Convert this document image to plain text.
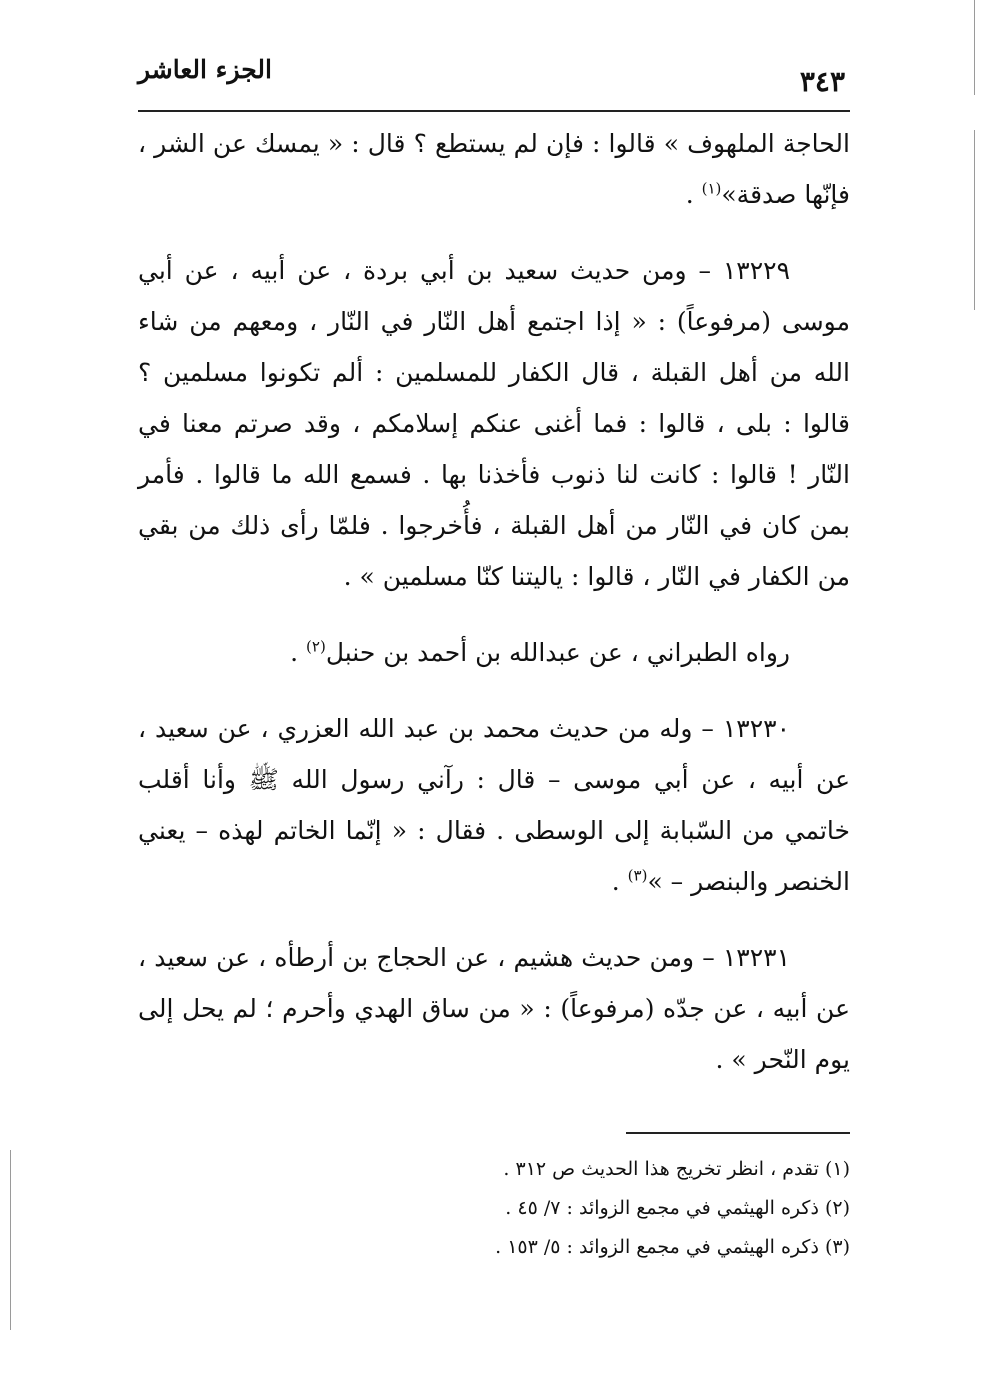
الجزء العاشر	٣٤٣

الحاجة الملهوف » قالوا : فإن لم يستطع ؟ قال : « يمسك عن الشر ، فإنّها صدقة»$^{(١)}$ .

١٣٢٢٩ – ومن حديث سعيد بن أبي بردة ، عن أبيه ، عن أبي موسى (مرفوعاً) : « إذا اجتمع أهل النّار في النّار ، ومعهم من شاء الله من أهل القبلة ، قال الكفار للمسلمين : ألم تكونوا مسلمين ؟ قالوا : بلى ، قالوا : فما أغنى عنكم إسلامكم ، وقد صرتم معنا في النّار ! قالوا : كانت لنا ذنوب فأخذنا بها . فسمع الله ما قالوا . فأمر بمن كان في النّار من أهل القبلة ، فأُخرجوا . فلمّا رأى ذلك من بقي من الكفار في النّار ، قالوا : ياليتنا كنّا مسلمين » .

رواه الطبراني ، عن عبدالله بن أحمد بن حنبل$^{(٢)}$ .

١٣٢٣٠ – وله من حديث محمد بن عبد الله العزري ، عن سعيد ، عن أبيه ، عن أبي موسى – قال : رآني رسول الله ﷺ وأنا أقلب خاتمي من السّبابة إلى الوسطى . فقال : « إنّما الخاتم لهذه – يعني الخنصر والبنصر – »$^{(٣)}$ .

١٣٢٣١ – ومن حديث هشيم ، عن الحجاج بن أرطأه ، عن سعيد ، عن أبيه ، عن جدّه (مرفوعاً) : « من ساق الهدي وأحرم ؛ لم يحل إلى يوم النّحر » .

(١) تقدم ، انظر تخريج هذا الحديث ص ٣١٢ .
(٢) ذكره الهيثمي في مجمع الزوائد : ٧/ ٤٥ .
(٣) ذكره الهيثمي في مجمع الزوائد : ٥/ ١٥٣ .
